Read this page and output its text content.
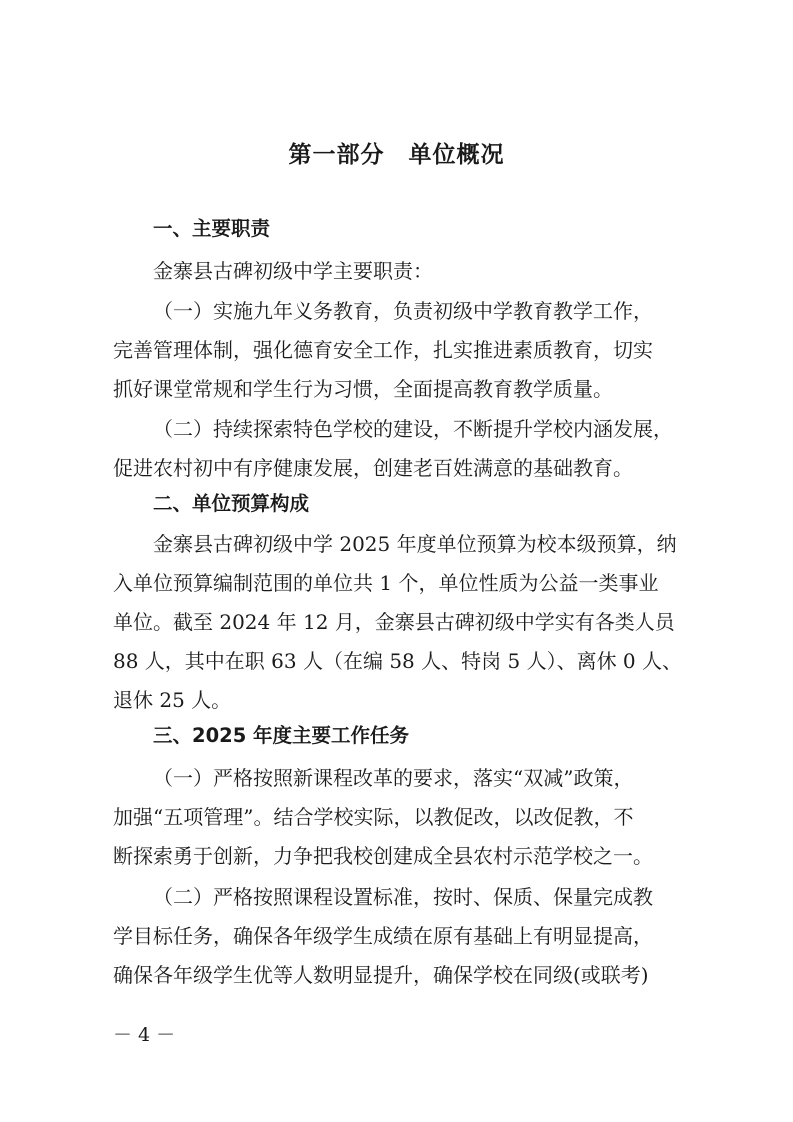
第一部分　单位概况
一、主要职责
金寨县古碑初级中学主要职责：
（一）实施九年义务教育，负责初级中学教育教学工作，
完善管理体制，强化德育安全工作，扎实推进素质教育，切实
抓好课堂常规和学生行为习惯，全面提高教育教学质量。
（二）持续探索特色学校的建设，不断提升学校内涵发展，
促进农村初中有序健康发展，创建老百姓满意的基础教育。
二、单位预算构成
金寨县古碑初级中学 2025 年度单位预算为校本级预算，纳
入单位预算编制范围的单位共 1 个，单位性质为公益一类事业
单位。截至 2024 年 12 月，金寨县古碑初级中学实有各类人员
88 人，其中在职 63 人（在编 58 人、特岗 5 人）、离休 0 人、
退休 25 人。
三、2025 年度主要工作任务
（一）严格按照新课程改革的要求，落实“双减”政策，
加强“五项管理”。结合学校实际，以教促改，以改促教，不
断探索勇于创新，力争把我校创建成全县农村示范学校之一。
（二）严格按照课程设置标准，按时、保质、保量完成教
学目标任务，确保各年级学生成绩在原有基础上有明显提高，
确保各年级学生优等人数明显提升，确保学校在同级(或联考)
－ 4 －
